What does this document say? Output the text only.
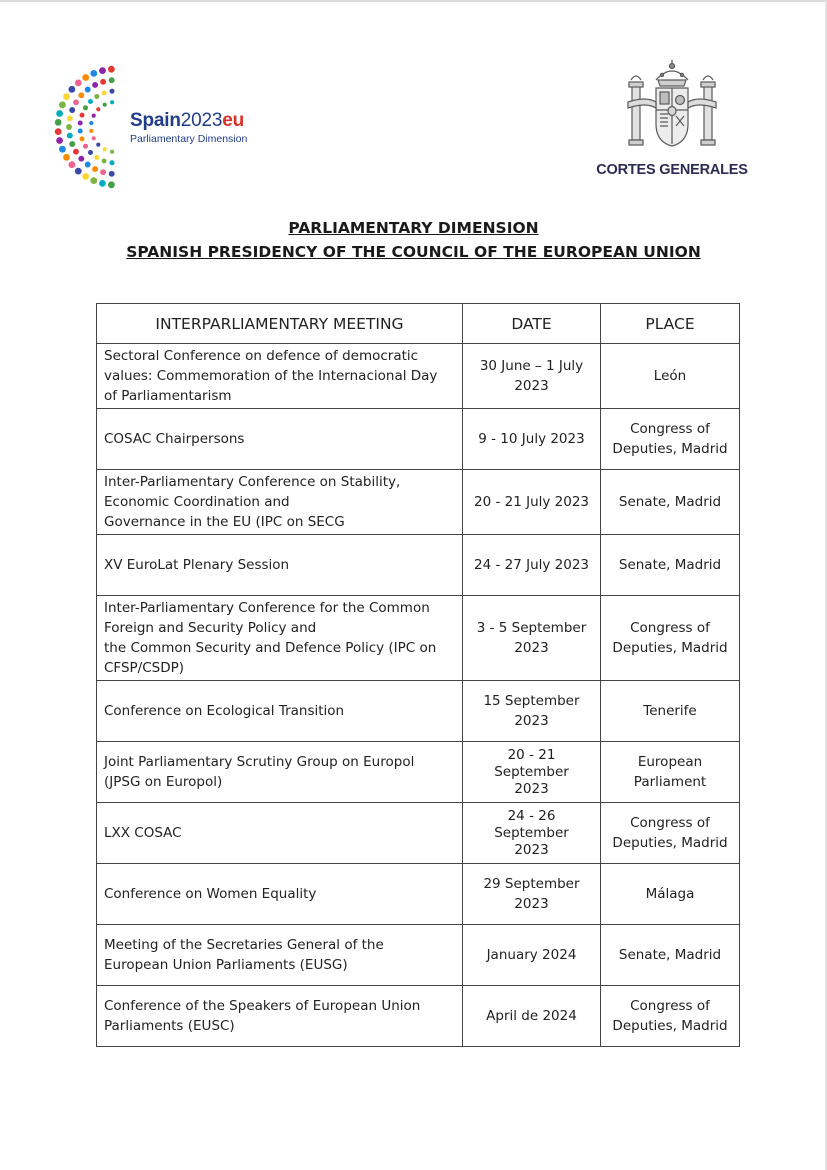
Spain2023eu
Parliamentary Dimension
CORTES GENERALES
PARLIAMENTARY DIMENSION
SPANISH PRESIDENCY OF THE COUNCIL OF THE EUROPEAN UNION
INTERPARLIAMENTARY MEETING	DATE	PLACE

Sectoral Conference on defence of democratic
values: Commemoration of the Internacional Day
of Parliamentarism	30 June – 1 July
2023	León

COSAC Chairpersons	9 - 10 July 2023	Congress of
Deputies, Madrid

Inter-Parliamentary Conference on Stability,
Economic Coordination and
Governance in the EU (IPC on SECG	20 - 21 July 2023	Senate, Madrid

XV EuroLat Plenary Session	24 - 27 July 2023	Senate, Madrid

Inter-Parliamentary Conference for the Common
Foreign and Security Policy and
the Common Security and Defence Policy (IPC on
CFSP/CSDP)	3 - 5 September
2023	Congress of
Deputies, Madrid

Conference on Ecological Transition	15 September
2023	Tenerife

Joint Parliamentary Scrutiny Group on Europol
(JPSG on Europol)	20 - 21
September
2023	European
Parliament

LXX COSAC	24 - 26
September
2023	Congress of
Deputies, Madrid

Conference on Women Equality	29 September
2023	Málaga

Meeting of the Secretaries General of the
European Union Parliaments (EUSG)	January 2024	Senate, Madrid

Conference of the Speakers of European Union
Parliaments (EUSC)	April de 2024	Congress of
Deputies, Madrid
